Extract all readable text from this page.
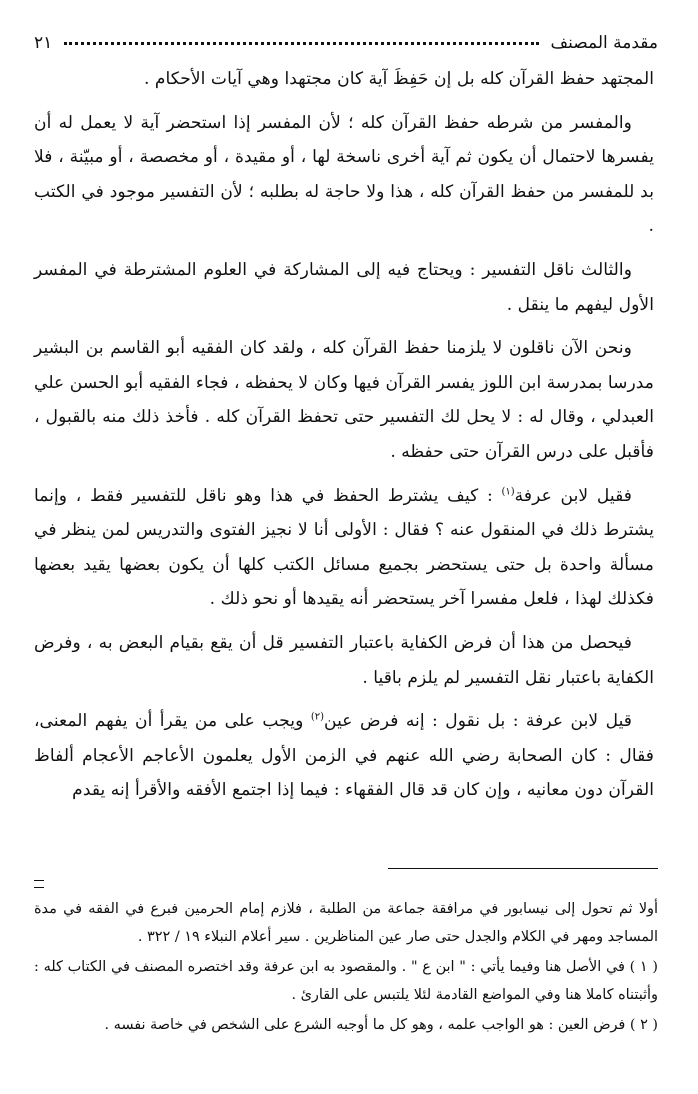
مقدمة المصنف
٢١

المجتهد حفظ القرآن كله بل إن حَفِظَ آية كان مجتهدا وهي آيات الأحكام .

والمفسر من شرطه حفظ القرآن كله ؛ لأن المفسر إذا استحضر آية لا يعمل له أن يفسرها لاحتمال أن يكون ثم آية أخرى ناسخة لها ، أو مقيدة ، أو مخصصة ، أو مبيّنة ، فلا بد للمفسر من حفظ القرآن كله ، هذا ولا حاجة له بطلبه ؛ لأن التفسير موجود في الكتب .

والثالث ناقل التفسير : ويحتاج فيه إلى المشاركة في العلوم المشترطة في المفسر الأول ليفهم ما ينقل .

ونحن الآن ناقلون لا يلزمنا حفظ القرآن كله ، ولقد كان الفقيه أبو القاسم بن البشير مدرسا بمدرسة ابن اللوز يفسر القرآن فيها وكان لا يحفظه ، فجاء الفقيه أبو الحسن علي العبدلي ، وقال له : لا يحل لك التفسير حتى تحفظ القرآن كله . فأخذ ذلك منه بالقبول ، فأقبل على درس القرآن حتى حفظه .

فقيل لابن عرفة$^{(١)}$ : كيف يشترط الحفظ في هذا وهو ناقل للتفسير فقط ، وإنما يشترط ذلك في المنقول عنه ؟ فقال : الأولى أنا لا نجيز الفتوى والتدريس لمن ينظر في مسألة واحدة بل حتى يستحضر بجميع مسائل الكتب كلها أن يكون بعضها يقيد بعضها فكذلك لهذا ، فلعل مفسرا آخر يستحضر أنه يقيدها أو نحو ذلك .

فيحصل من هذا أن فرض الكفاية باعتبار التفسير قل أن يقع بقيام البعض به ، وفرض الكفاية باعتبار نقل التفسير لم يلزم باقيا .

قيل لابن عرفة : بل نقول : إنه فرض عين$^{(٢)}$ ويجب على من يقرأ أن يفهم المعنى، فقال : كان الصحابة رضي الله عنهم في الزمن الأول يعلمون الأعاجم الأعجام ألفاظ القرآن دون معانيه ، وإن كان قد قال الفقهاء : فيما إذا اجتمع الأفقه والأقرأ إنه يقدم

أولا ثم تحول إلى نيسابور في مرافقة جماعة من الطلبة ، فلازم إمام الحرمين فبرع في الفقه في مدة المساجد ومهر في الكلام والجدل حتى صار عين المناظرين . سير أعلام النبلاء ١٩ / ٣٢٢ .

( ١ ) في الأصل هنا وفيما يأتي : " ابن ع " . والمقصود به ابن عرفة وقد اختصره المصنف في الكتاب كله : وأثبتناه كاملا هنا وفي المواضع القادمة لئلا يلتبس على القارئ .

( ٢ ) فرض العين : هو الواجب علمه ، وهو كل ما أوجبه الشرع على الشخص في خاصة نفسه .
